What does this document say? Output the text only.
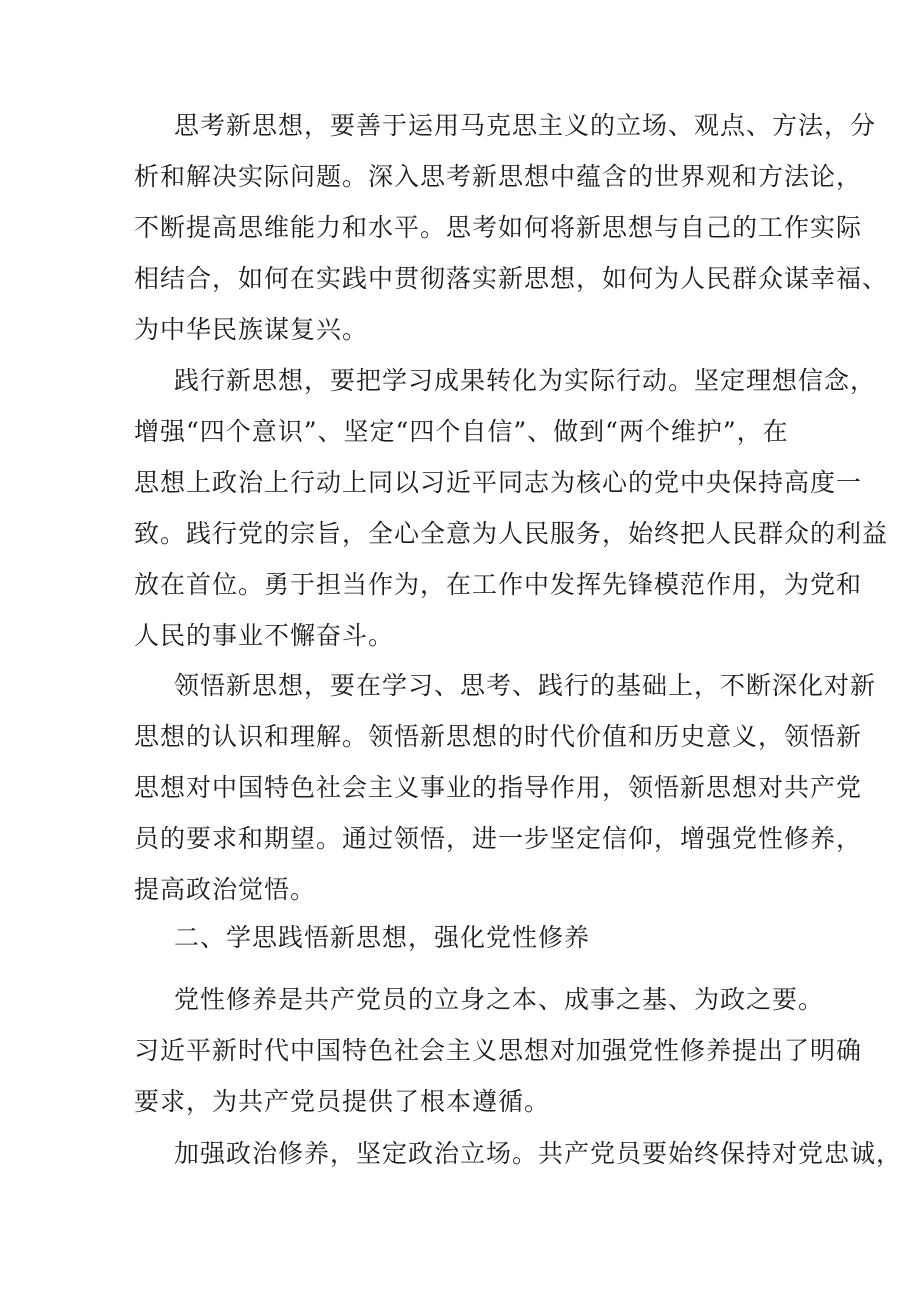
思考新思想，要善于运用马克思主义的立场、观点、方法，分
析和解决实际问题。深入思考新思想中蕴含的世界观和方法论，
不断提高思维能力和水平。思考如何将新思想与自己的工作实际
相结合，如何在实践中贯彻落实新思想，如何为人民群众谋幸福、
为中华民族谋复兴。

践行新思想，要把学习成果转化为实际行动。坚定理想信念，
增强“四个意识”、坚定“四个自信”、做到“两个维护”，在
思想上政治上行动上同以习近平同志为核心的党中央保持高度一
致。践行党的宗旨，全心全意为人民服务，始终把人民群众的利益
放在首位。勇于担当作为，在工作中发挥先锋模范作用，为党和
人民的事业不懈奋斗。

领悟新思想，要在学习、思考、践行的基础上，不断深化对新
思想的认识和理解。领悟新思想的时代价值和历史意义，领悟新
思想对中国特色社会主义事业的指导作用，领悟新思想对共产党
员的要求和期望。通过领悟，进一步坚定信仰，增强党性修养，
提高政治觉悟。

二、学思践悟新思想，强化党性修养

党性修养是共产党员的立身之本、成事之基、为政之要。
习近平新时代中国特色社会主义思想对加强党性修养提出了明确
要求，为共产党员提供了根本遵循。

加强政治修养，坚定政治立场。共产党员要始终保持对党忠诚，
